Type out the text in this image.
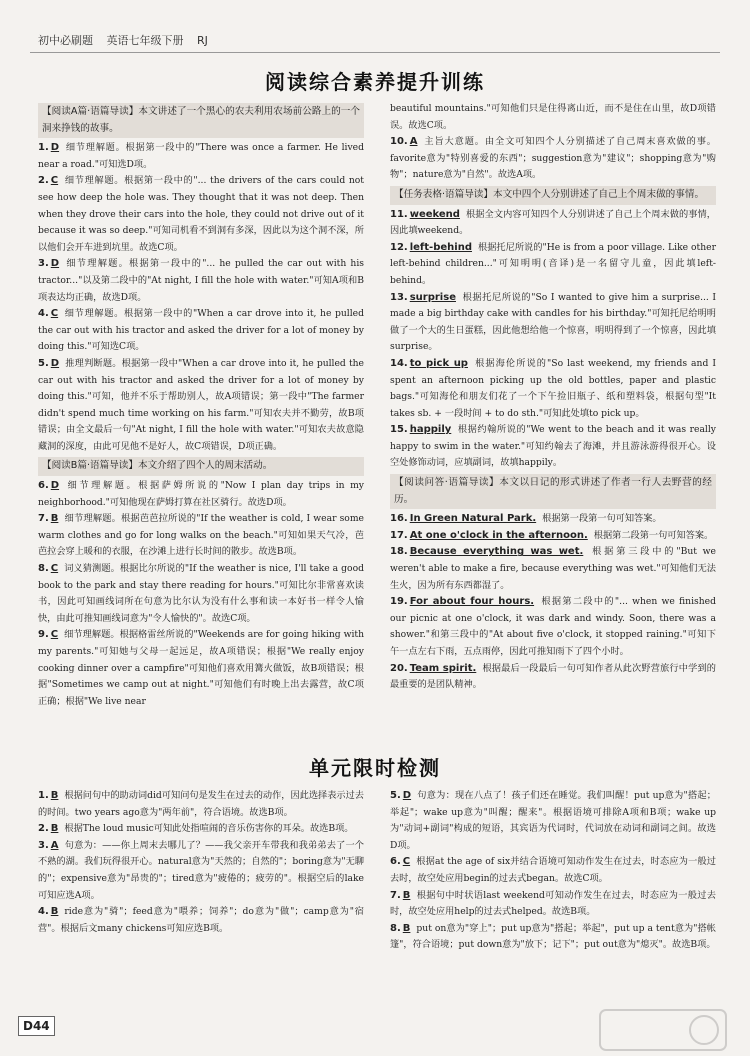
初中必刷题 英语七年级下册 RJ
阅读综合素养提升训练
【阅读A篇·语篇导读】本文讲述了一个黑心的农夫利用农场前公路上的一个洞来挣钱的故事。
1. D 细节理解题。根据第一段中的"There was once a farmer. He lived near a road."可知选D项。
2. C 细节理解题。根据第一段中的"... the drivers of the cars could not see how deep the hole was. They thought that it was not deep. Then when they drove their cars into the hole, they could not drive out of it because it was so deep."可知司机看不到洞有多深，因此以为这个洞不深，所以他们会开车进到坑里。故选C项。
3. D 细节理解题。根据第一段中的"... he pulled the car out with his tractor..."以及第二段中的"At night, I fill the hole with water."可知A项和B项表达均正确，故选D项。
4. C 细节理解题。根据第一段中的"When a car drove into it, he pulled the car out with his tractor and asked the driver for a lot of money by doing this."可知选C项。
5. D 推理判断题。根据第一段中"When a car drove into it, he pulled the car out with his tractor and asked the driver for a lot of money by doing this."可知，他并不乐于帮助别人，故A项错误；第一段中"The farmer didn't spend much time working on his farm."可知农夫并不勤劳，故B项错误；由全文最后一句"At night, I fill the hole with water."可知农夫故意隐藏洞的深度，由此可见他不是好人，故C项错误，D项正确。
【阅读B篇·语篇导读】本文介绍了四个人的周末活动。
6. D 细节理解题。根据萨姆所说的"Now I plan day trips in my neighborhood."可知他现在萨姆打算在社区骑行。故选D项。
7. B 细节理解题。根据芭芭拉所说的"If the weather is cold, I wear some warm clothes and go for long walks on the beach."可知如果天气冷，芭芭拉会穿上暖和的衣服，在沙滩上进行长时间的散步。故选B项。
8. C 词义猜测题。根据比尔所说的"If the weather is nice, I'll take a good book to the park and stay there reading for hours."可知比尔非常喜欢读书，因此可知画线词所在句意为比尔认为没有什么事和读一本好书一样令人愉快，由此可推知画线词意为"令人愉快的"。故选C项。
9. C 细节理解题。根据格雷丝所说的"Weekends are for going hiking with my parents."可知她与父母一起远足，故A项错误；根据"We really enjoy cooking dinner over a campfire"可知他们喜欢用篝火做饭，故B项错误；根据"Sometimes we camp out at night."可知他们有时晚上出去露营，故C项正确；根据"We live near
beautiful mountains."可知他们只是住得离山近，而不是住在山里，故D项错误。故选C项。
10. A 主旨大意题。由全文可知四个人分别描述了自己周末喜欢做的事。favorite意为"特别喜爱的东西"；suggestion意为"建议"；shopping意为"购物"；nature意为"自然"。故选A项。
【任务表格·语篇导读】本文中四个人分别讲述了自己上个周末做的事情。
11. weekend 根据全文内容可知四个人分别讲述了自己上个周末做的事情，因此填weekend。
12. left-behind 根据托尼所说的"He is from a poor village. Like other left-behind children..."可知明明(音译)是一名留守儿童，因此填left-behind。
13. surprise 根据托尼所说的"So I wanted to give him a surprise... I made a big birthday cake with candles for his birthday."可知托尼给明明做了一个大的生日蛋糕，因此他想给他一个惊喜，明明得到了一个惊喜，因此填surprise。
14. to pick up 根据海伦所说的"So last weekend, my friends and I spent an afternoon picking up the old bottles, paper and plastic bags."可知海伦和朋友们花了一个下午捡旧瓶子、纸和塑料袋，根据句型"It takes sb. + 一段时间 + to do sth."可知此处填to pick up。
15. happily 根据约翰所说的"We went to the beach and it was really happy to swim in the water."可知约翰去了海滩，并且游泳游得很开心。设空处修饰动词，应填副词，故填happily。
【阅读问答·语篇导读】本文以日记的形式讲述了作者一行人去野营的经历。
16. In Green Natural Park. 根据第一段第一句可知答案。
17. At one o'clock in the afternoon. 根据第二段第一句可知答案。
18. Because everything was wet. 根据第三段中的"But we weren't able to make a fire, because everything was wet."可知他们无法生火，因为所有东西都湿了。
19. For about four hours. 根据第二段中的"... when we finished our picnic at one o'clock, it was dark and windy. Soon, there was a shower."和第三段中的"At about five o'clock, it stopped raining."可知下午一点左右下雨，五点雨停，因此可推知雨下了四个小时。
20. Team spirit. 根据最后一段最后一句可知作者从此次野营旅行中学到的最重要的是团队精神。
单元限时检测
1. B 根据问句中的助动词did可知问句是发生在过去的动作，因此选择表示过去的时间。two years ago意为"两年前"，符合语境。故选B项。
2. B 根据The loud music可知此处指喧闹的音乐伤害你的耳朵。故选B项。
3. A 句意为：——你上周末去哪儿了？——我父亲开车带我和我弟弟去了一个不熟的湖。我们玩得很开心。natural意为"天然的；自然的"；boring意为"无聊的"；expensive意为"昂贵的"；tired意为"疲倦的；疲劳的"。根据空后的lake可知应选A项。
4. B ride意为"骑"；feed意为"喂养；饲养"；do意为"做"；camp意为"宿营"。根据后文many chickens可知应选B项。
5. D 句意为：现在八点了！孩子们还在睡觉。我们叫醒！put up意为"搭起；举起"；wake up意为"叫醒；醒来"。根据语境可排除A项和B项；wake up为"动词+副词"构成的短语，其宾语为代词时，代词放在动词和副词之间。故选D项。
6. C 根据at the age of six并结合语境可知动作发生在过去，时态应为一般过去时，故空处应用begin的过去式began。故选C项。
7. B 根据句中时状语last weekend可知动作发生在过去，时态应为一般过去时，故空处应用help的过去式helped。故选B项。
8. B put on意为"穿上"；put up意为"搭起；举起"，put up a tent意为"搭帐篷"，符合语境；put down意为"放下；记下"；put out意为"熄灭"。故选B项。
D44
